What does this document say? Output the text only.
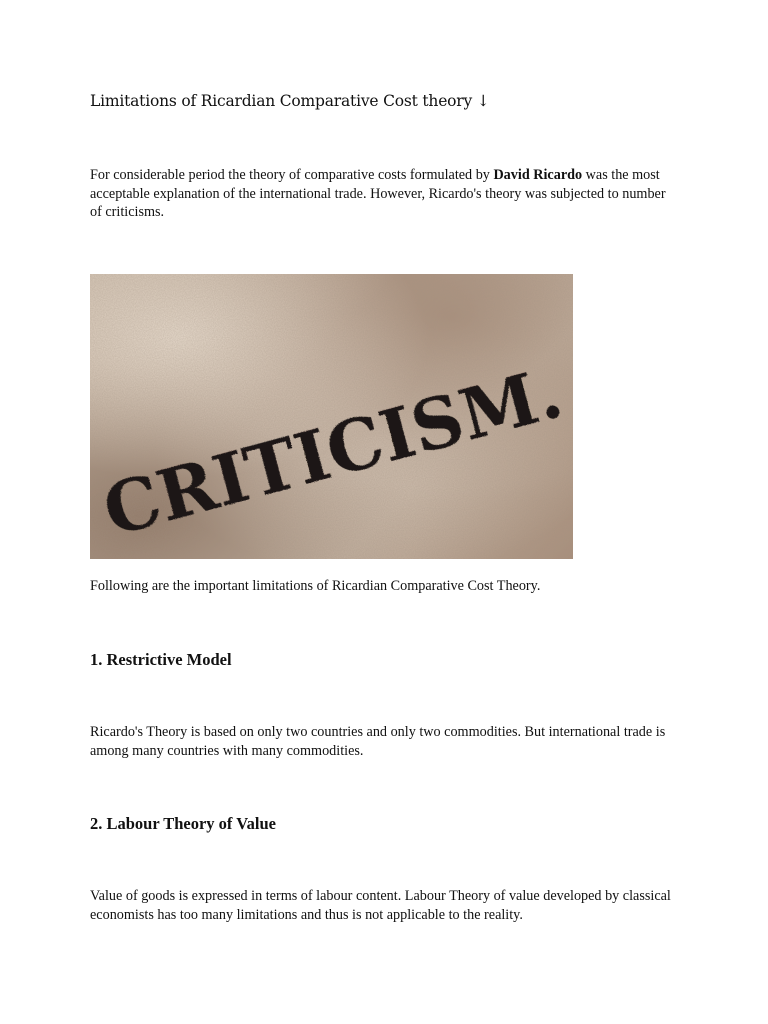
Limitations of Ricardian Comparative Cost theory ↓
For considerable period the theory of comparative costs formulated by David Ricardo was the most acceptable explanation of the international trade. However, Ricardo's theory was subjected to number of criticisms.
CRITICISM.
Following are the important limitations of Ricardian Comparative Cost Theory.
1. Restrictive Model
Ricardo's Theory is based on only two countries and only two commodities. But international trade is among many countries with many commodities.
2. Labour Theory of Value
Value of goods is expressed in terms of labour content. Labour Theory of value developed by classical economists has too many limitations and thus is not applicable to the reality.
